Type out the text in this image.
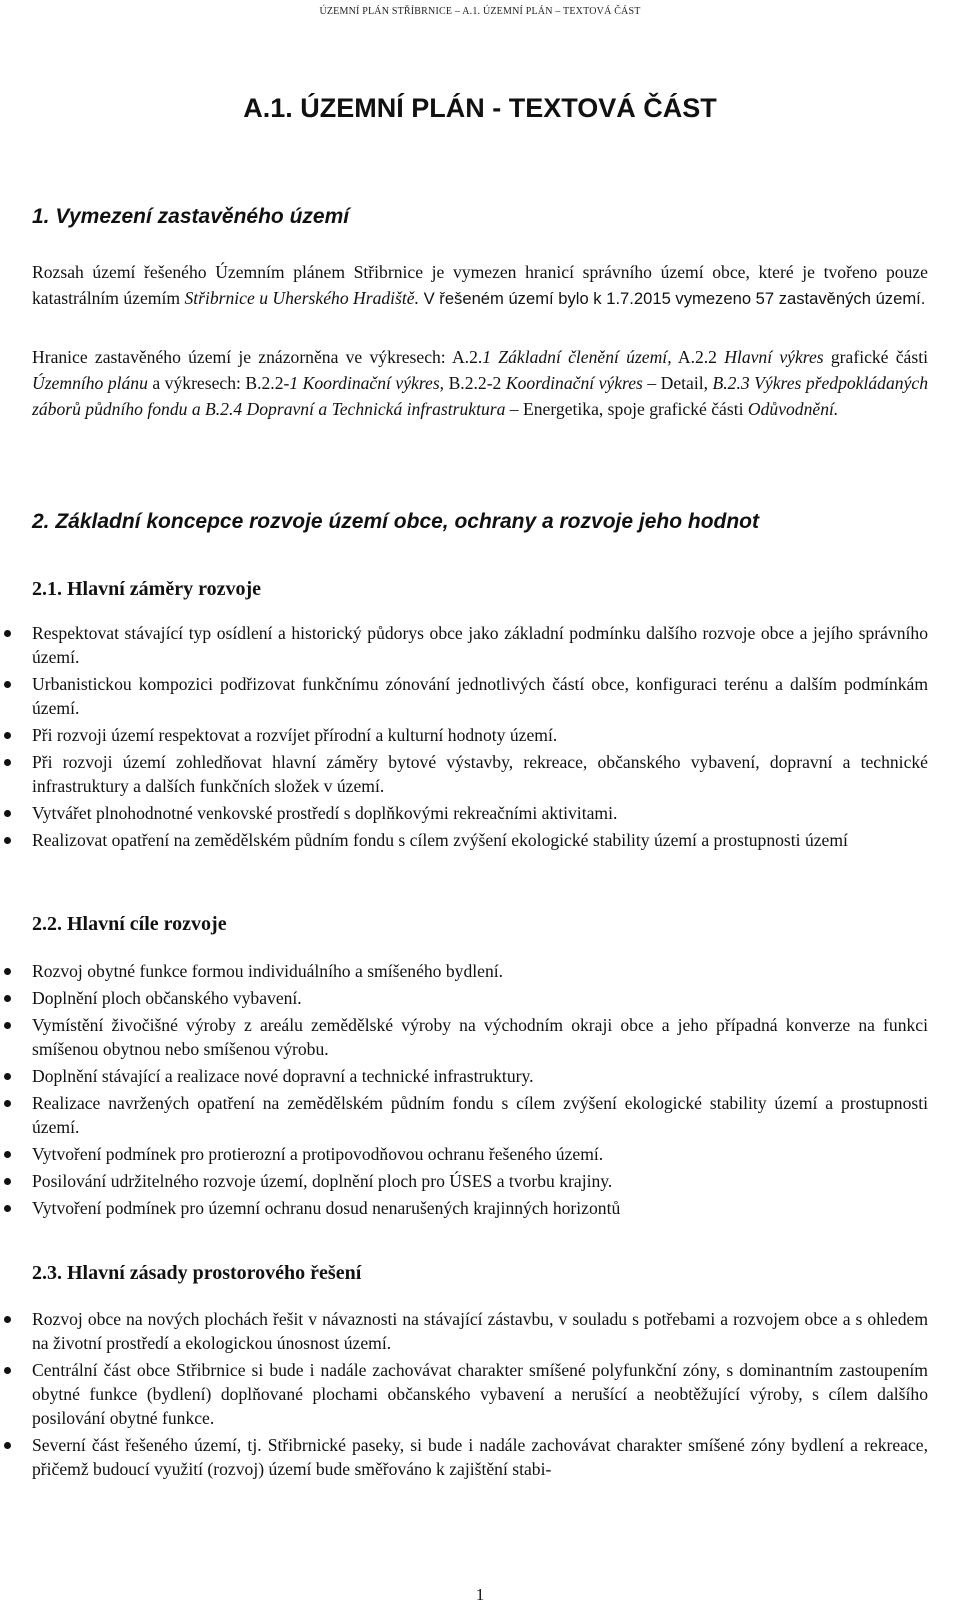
ÚZEMNÍ PLÁN STŘÍBRNICE – A.1. ÚZEMNÍ PLÁN – TEXTOVÁ ČÁST
A.1. ÚZEMNÍ PLÁN - TEXTOVÁ ČÁST
1. Vymezení zastavěného území
Rozsah území řešeného Územním plánem Střibrnice je vymezen hranicí správního území obce, které je tvořeno pouze katastrálním územím Střibrnice u Uherského Hradiště. V řešeném území bylo k 1.7.2015 vymezeno 57 zastavěných území.
Hranice zastavěného území je znázorněna ve výkresech: A.2.1 Základní členění území, A.2.2 Hlavní výkres grafické části Územního plánu a výkresech: B.2.2-1 Koordinační výkres, B.2.2-2 Koordinační výkres – Detail, B.2.3 Výkres předpokládaných záborů půdního fondu a B.2.4 Dopravní a Technická infrastruktura – Energetika, spoje grafické části Odůvodnění.
2. Základní koncepce rozvoje území obce, ochrany a rozvoje jeho hodnot
2.1. Hlavní záměry rozvoje
2.2. Hlavní cíle rozvoje
2.3. Hlavní zásady prostorového řešení
1
Respektovat stávající typ osídlení a historický půdorys obce jako základní podmínku dalšího rozvoje obce a jejího správního území.
Urbanistickou kompozici podřizovat funkčnímu zónování jednotlivých částí obce, konfiguraci terénu a dalším podmínkám území.
Při rozvoji území respektovat a rozvíjet přírodní a kulturní hodnoty území.
Při rozvoji území zohledňovat hlavní záměry bytové výstavby, rekreace, občanského vybavení, dopravní a technické infrastruktury a dalších funkčních složek v území.
Vytvářet plnohodnotné venkovské prostředí s doplňkovými rekreačními aktivitami.
Realizovat opatření na zemědělském půdním fondu s cílem zvýšení ekologické stability území a prostupnosti území
Rozvoj obytné funkce formou individuálního a smíšeného bydlení.
Doplnění ploch občanského vybavení.
Vymístění živočišné výroby z areálu zemědělské výroby na východním okraji obce a jeho případná konverze na funkci smíšenou obytnou nebo smíšenou výrobu.
Doplnění stávající a realizace nové dopravní a technické infrastruktury.
Realizace navržených opatření na zemědělském půdním fondu s cílem zvýšení ekologické stability území a prostupnosti území.
Vytvoření podmínek pro protierozní a protipovodňovou ochranu řešeného území.
Posilování udržitelného rozvoje území, doplnění ploch pro ÚSES a tvorbu krajiny.
Vytvoření podmínek pro územní ochranu dosud nenarušených krajinných horizontů
Rozvoj obce na nových plochách řešit v návaznosti na stávající zástavbu, v souladu s potřebami a rozvojem obce a s ohledem na životní prostředí a ekologickou únosnost území.
Centrální část obce Střibrnice si bude i nadále zachovávat charakter smíšené polyfunkční zóny, s dominantním zastoupením obytné funkce (bydlení) doplňované plochami občanského vybavení a nerušící a neobtěžující výroby, s cílem dalšího posilování obytné funkce.
Severní část řešeného území, tj. Střibrnické paseky, si bude i nadále zachovávat charakter smíšené zóny bydlení a rekreace, přičemž budoucí využití (rozvoj) území bude směřováno k zajištění stabi-
